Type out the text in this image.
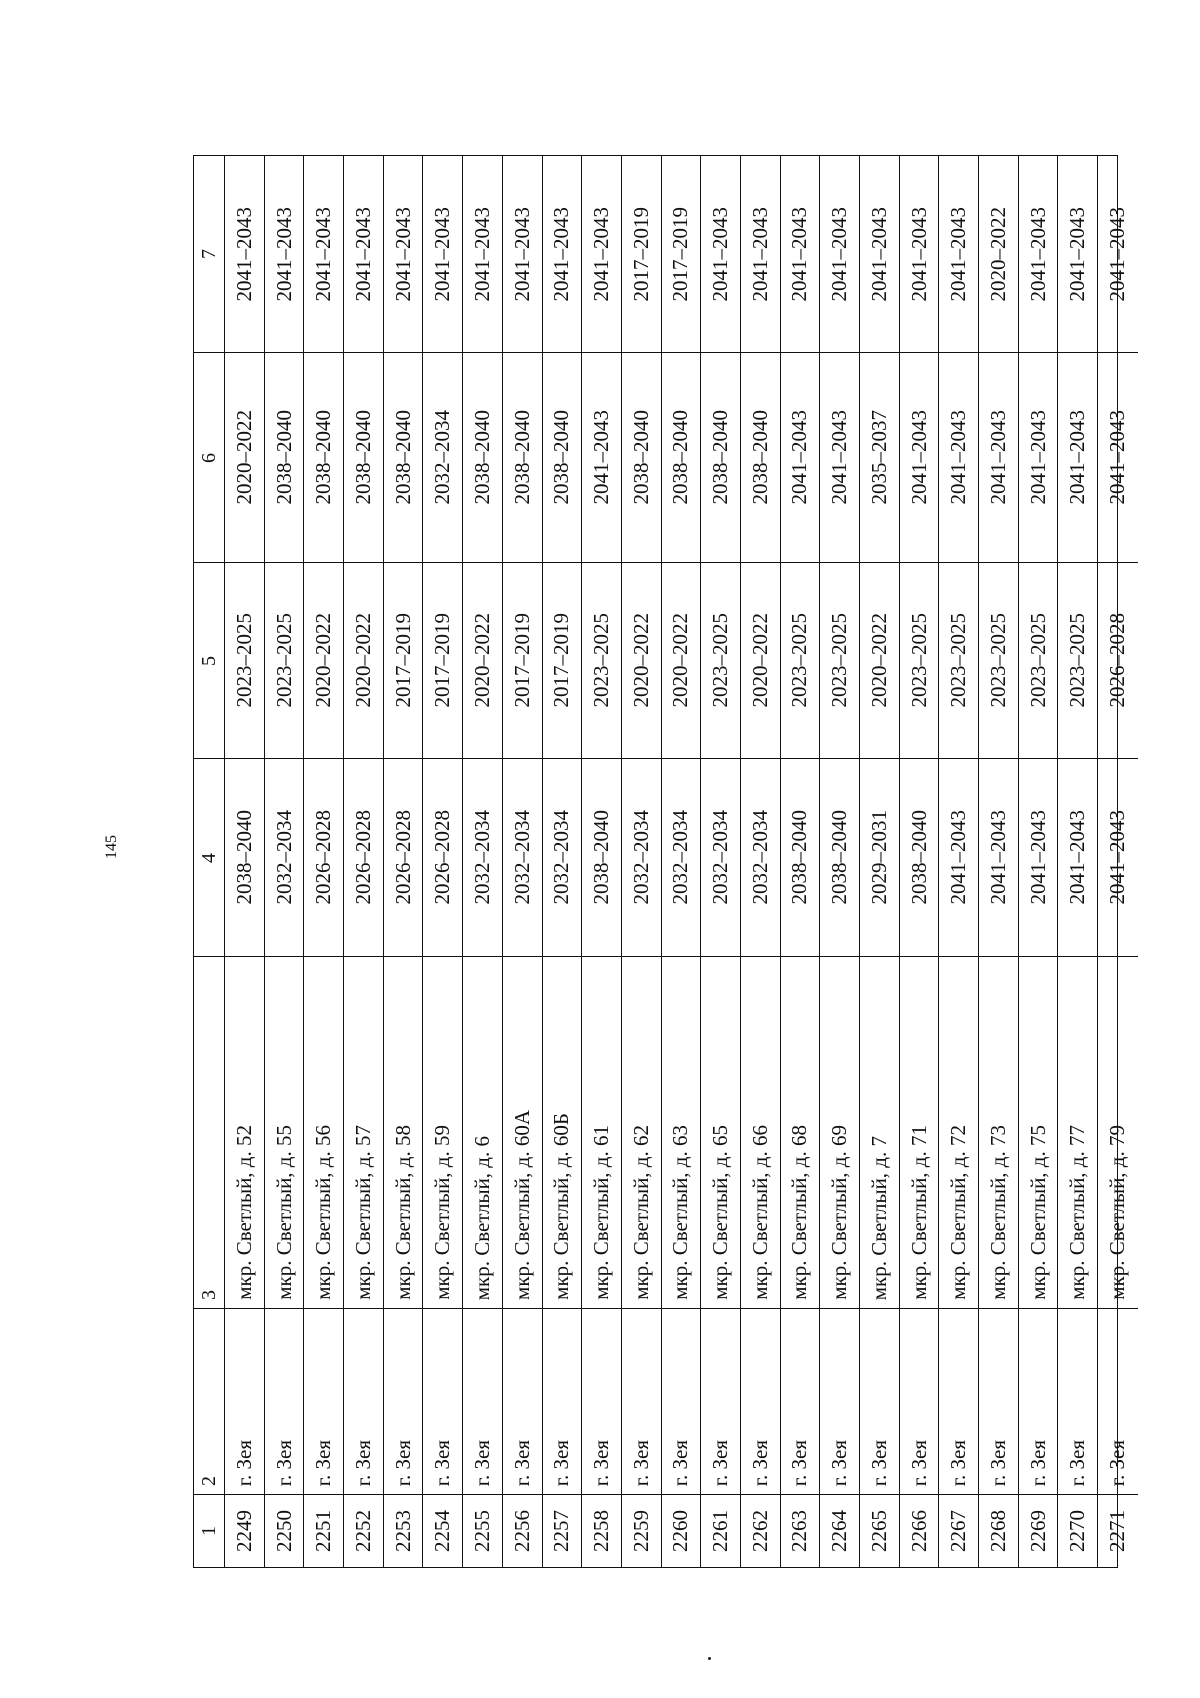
145
1
2
3
4
5
6
7
2249
г. Зея
мкр. Светлый, д. 52
2038–2040
2023–2025
2020–2022
2041–2043
2250
г. Зея
мкр. Светлый, д. 55
2032–2034
2023–2025
2038–2040
2041–2043
2251
г. Зея
мкр. Светлый, д. 56
2026–2028
2020–2022
2038–2040
2041–2043
2252
г. Зея
мкр. Светлый, д. 57
2026–2028
2020–2022
2038–2040
2041–2043
2253
г. Зея
мкр. Светлый, д. 58
2026–2028
2017–2019
2038–2040
2041–2043
2254
г. Зея
мкр. Светлый, д. 59
2026–2028
2017–2019
2032–2034
2041–2043
2255
г. Зея
мкр. Светлый, д. 6
2032–2034
2020–2022
2038–2040
2041–2043
2256
г. Зея
мкр. Светлый, д. 60А
2032–2034
2017–2019
2038–2040
2041–2043
2257
г. Зея
мкр. Светлый, д. 60Б
2032–2034
2017–2019
2038–2040
2041–2043
2258
г. Зея
мкр. Светлый, д. 61
2038–2040
2023–2025
2041–2043
2041–2043
2259
г. Зея
мкр. Светлый, д. 62
2032–2034
2020–2022
2038–2040
2017–2019
2260
г. Зея
мкр. Светлый, д. 63
2032–2034
2020–2022
2038–2040
2017–2019
2261
г. Зея
мкр. Светлый, д. 65
2032–2034
2023–2025
2038–2040
2041–2043
2262
г. Зея
мкр. Светлый, д. 66
2032–2034
2020–2022
2038–2040
2041–2043
2263
г. Зея
мкр. Светлый, д. 68
2038–2040
2023–2025
2041–2043
2041–2043
2264
г. Зея
мкр. Светлый, д. 69
2038–2040
2023–2025
2041–2043
2041–2043
2265
г. Зея
мкр. Светлый, д. 7
2029–2031
2020–2022
2035–2037
2041–2043
2266
г. Зея
мкр. Светлый, д. 71
2038–2040
2023–2025
2041–2043
2041–2043
2267
г. Зея
мкр. Светлый, д. 72
2041–2043
2023–2025
2041–2043
2041–2043
2268
г. Зея
мкр. Светлый, д. 73
2041–2043
2023–2025
2041–2043
2020–2022
2269
г. Зея
мкр. Светлый, д. 75
2041–2043
2023–2025
2041–2043
2041–2043
2270
г. Зея
мкр. Светлый, д. 77
2041–2043
2023–2025
2041–2043
2041–2043
2271
г. Зея
мкр. Светлый, д. 79
2041–2043
2026–2028
2041–2043
2041–2043
